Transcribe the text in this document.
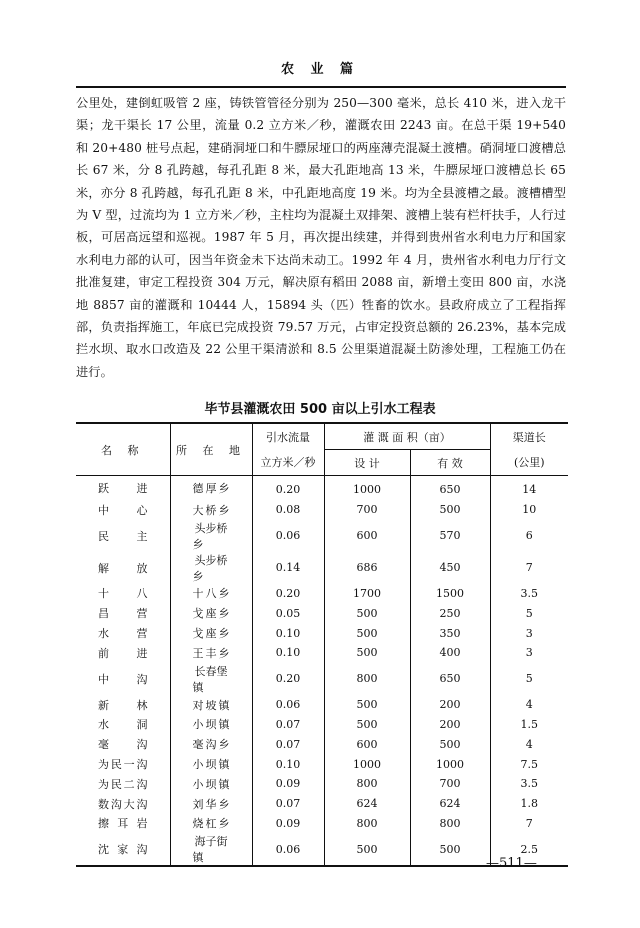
农 业 篇
公里处，建倒虹吸管 2 座，铸铁管管径分别为 250—300 毫米，总长 410 米，进入龙干渠；龙干渠长 17 公里，流量 0.2 立方米／秒，灌溉农田 2243 亩。在总干渠 19+540 和 20+480 桩号点起，建硝洞垭口和牛膘尿垭口的两座薄壳混凝土渡槽。硝洞垭口渡槽总长 67 米，分 8 孔跨越，每孔孔距 8 米，最大孔距地高 13 米，牛膘尿垭口渡槽总长 65 米，亦分 8 孔跨越，每孔孔距 8 米，中孔距地高度 19 米。均为全县渡槽之最。渡槽槽型为 V 型，过流均为 1 立方米／秒，主柱均为混凝土双排架、渡槽上装有栏杆扶手，人行过板，可居高远望和巡视。1987 年 5 月，再次提出续建，并得到贵州省水利电力厅和国家水利电力部的认可，因当年资金未下达尚未动工。1992 年 4 月，贵州省水利电力厅行文批准复建，审定工程投资 304 万元，解决原有稻田 2088 亩，新增土变田 800 亩，水浇地 8857 亩的灌溉和 10444 人，15894 头（匹）牲畜的饮水。县政府成立了工程指挥部，负责指挥施工，年底已完成投资 79.57 万元，占审定投资总额的 26.23%，基本完成拦水坝、取水口改造及 22 公里干渠清淤和 8.5 公里渠道混凝土防渗处理，工程施工仍在进行。
毕节县灌溉农田 500 亩以上引水工程表
名 称	所 在 地	引水流量	灌 溉 面 积（亩）		渠道长
		立方米／秒	设 计	有 效	(公里)
跃进	德厚乡	0.20	1000	650	14
中心	大桥乡	0.08	700	500	10
民主	头步桥乡	0.06	600	570	6
解放	头步桥乡	0.14	686	450	7
十八	十八乡	0.20	1700	1500	3.5
昌营	戈座乡	0.05	500	250	5
水营	戈座乡	0.10	500	350	3
前进	王丰乡	0.10	500	400	3
中沟	长春堡镇	0.20	800	650	5
新林	对坡镇	0.06	500	200	4
水洞	小坝镇	0.07	500	200	1.5
毫沟	毫沟乡	0.07	600	500	4
为民一沟	小坝镇	0.10	1000	1000	7.5
为民二沟	小坝镇	0.09	800	700	3.5
数沟大沟	刘华乡	0.07	624	624	1.8
擦耳岩	烧杠乡	0.09	800	800	7
沈家沟	海子街镇	0.06	500	500	2.5
—511—
